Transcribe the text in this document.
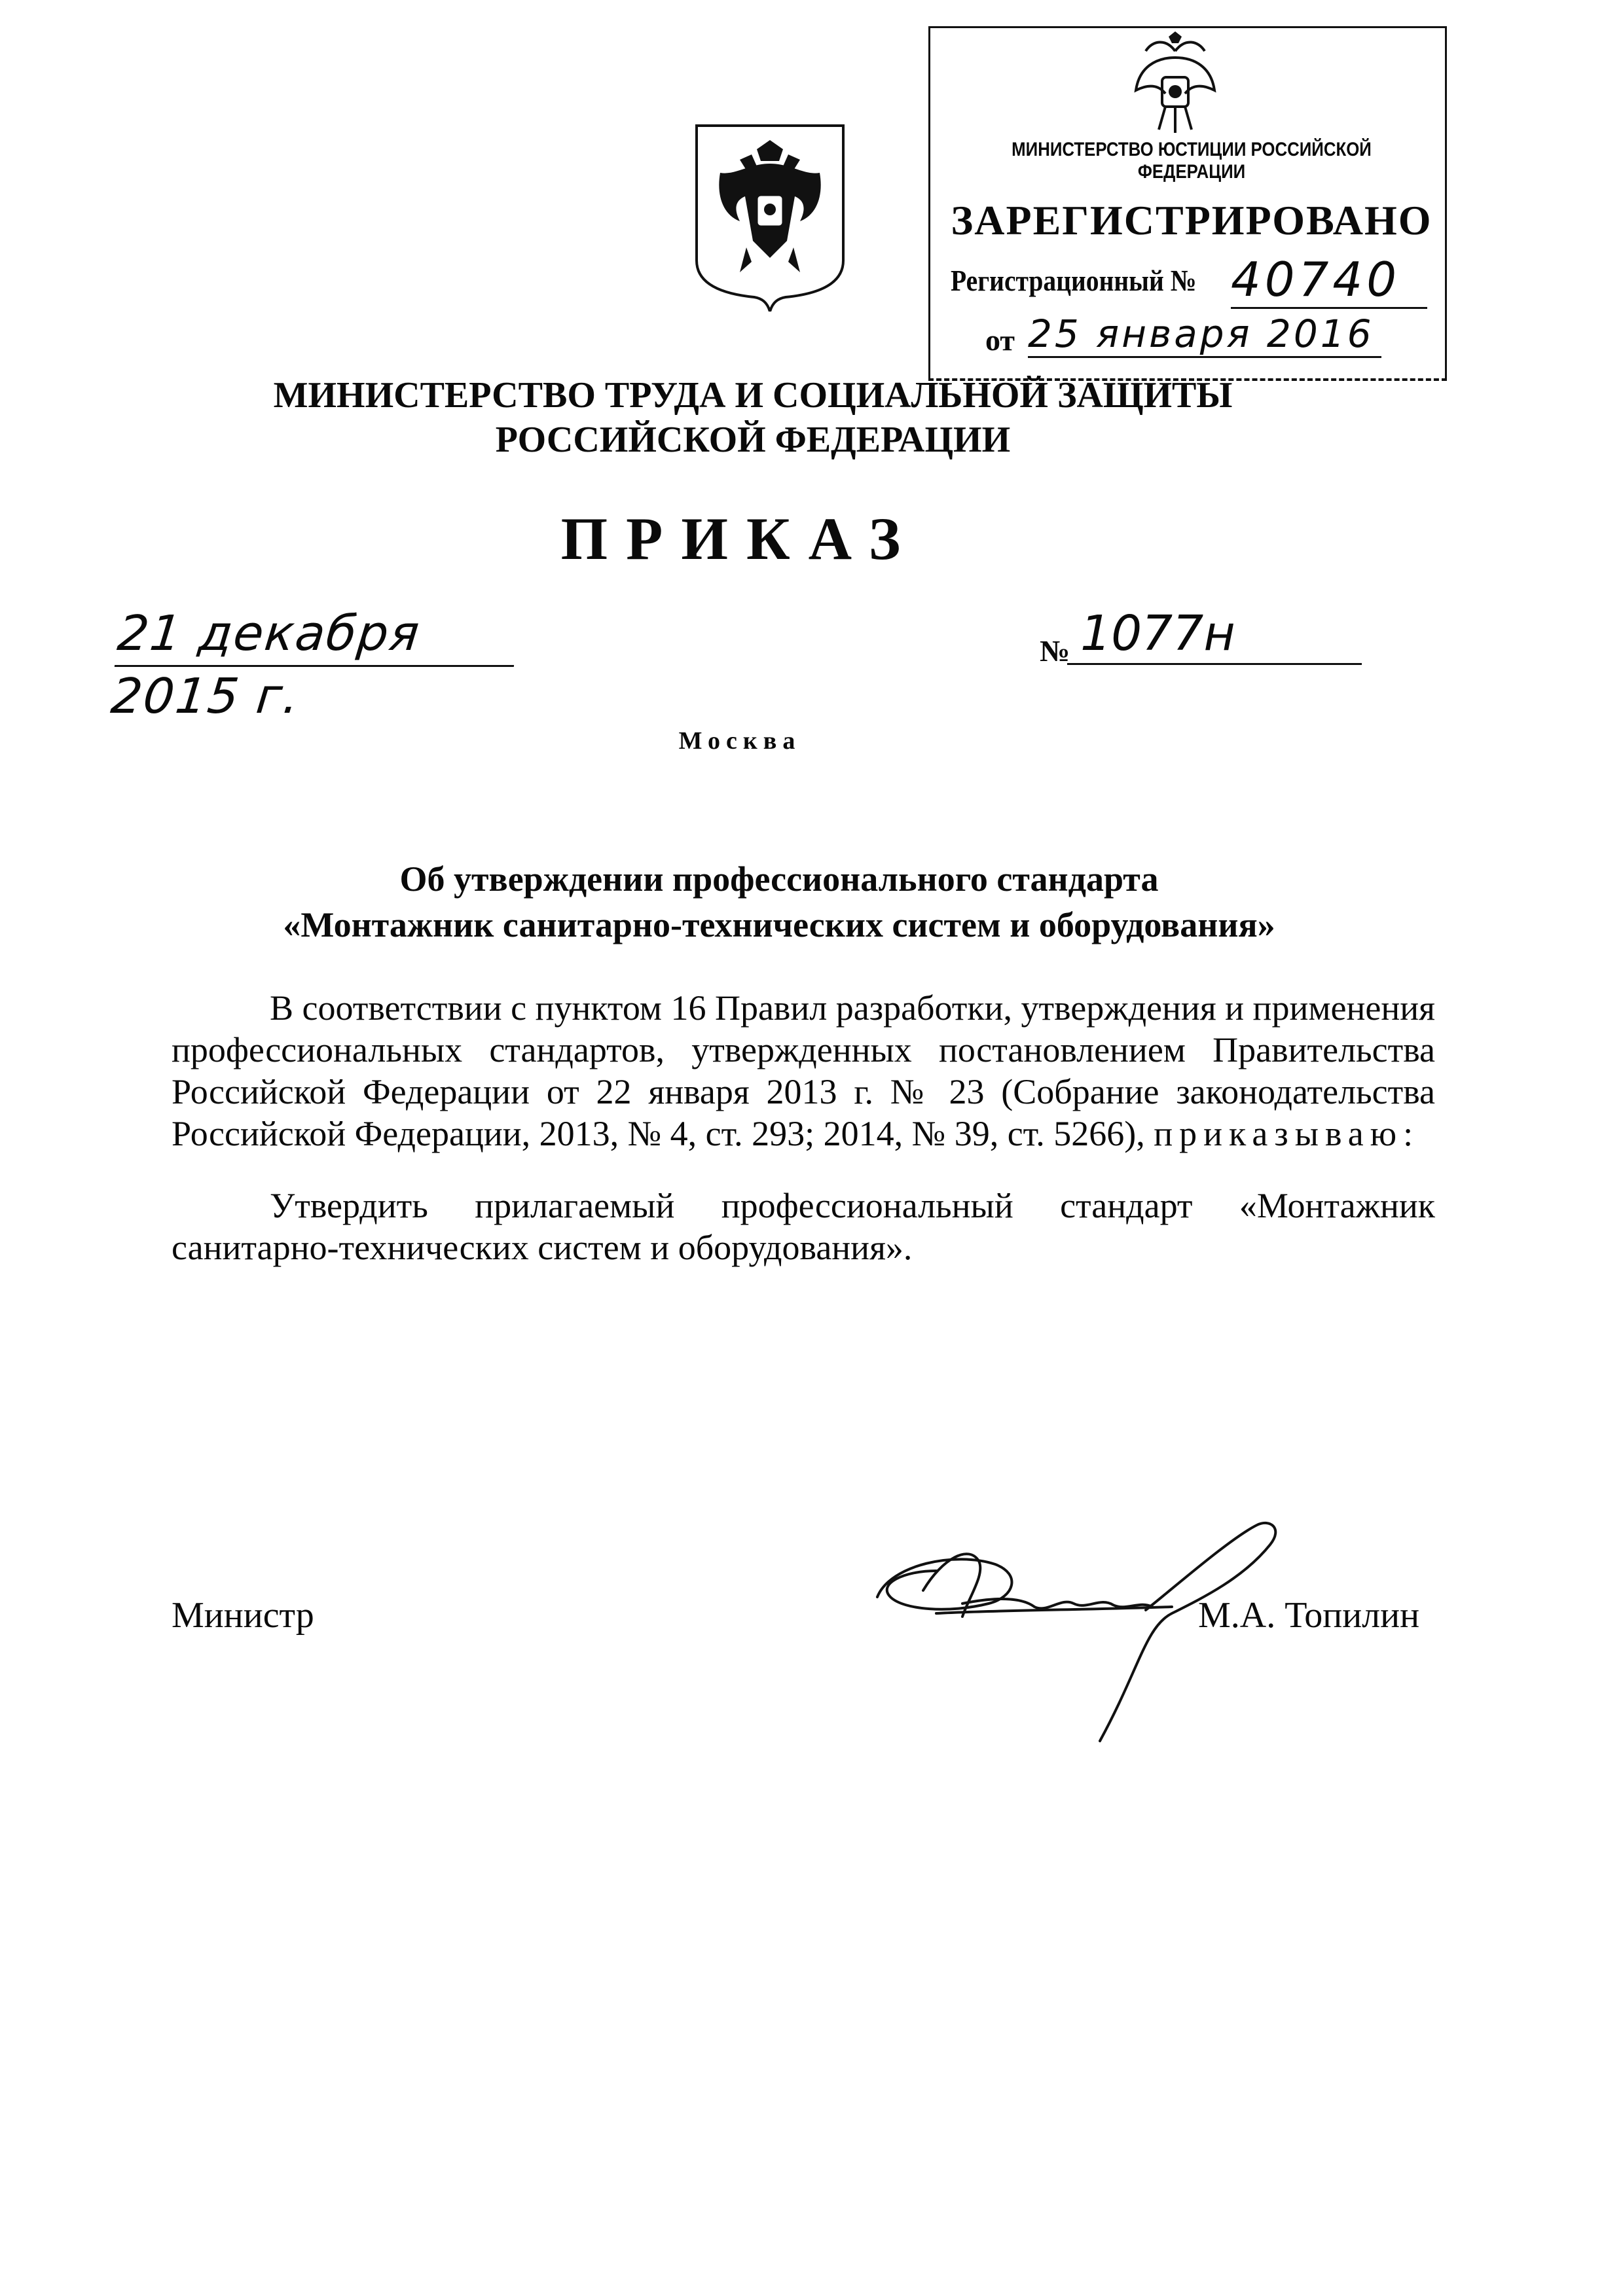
МИНИСТЕРСТВО ЮСТИЦИИ РОССИЙСКОЙ ФЕДЕРАЦИИ
ЗАРЕГИСТРИРОВАНО
Регистрационный № 40740
от 25 января 2016
МИНИСТЕРСТВО ТРУДА И СОЦИАЛЬНОЙ ЗАЩИТЫ
РОССИЙСКОЙ ФЕДЕРАЦИИ
ПРИКАЗ
21 декабря 2015 г.
№ 1077н
Москва
Об утверждении профессионального стандарта
«Монтажник санитарно-технических систем и оборудования»

В соответствии с пунктом 16 Правил разработки, утверждения и применения профессиональных стандартов, утвержденных постановлением Правительства Российской Федерации от 22 января 2013 г. № 23 (Собрание законодательства Российской Федерации, 2013, № 4, ст. 293; 2014, № 39, ст. 5266), приказываю:

Утвердить прилагаемый профессиональный стандарт «Монтажник санитарно-технических систем и оборудования».

Министр	М.А. Топилин
